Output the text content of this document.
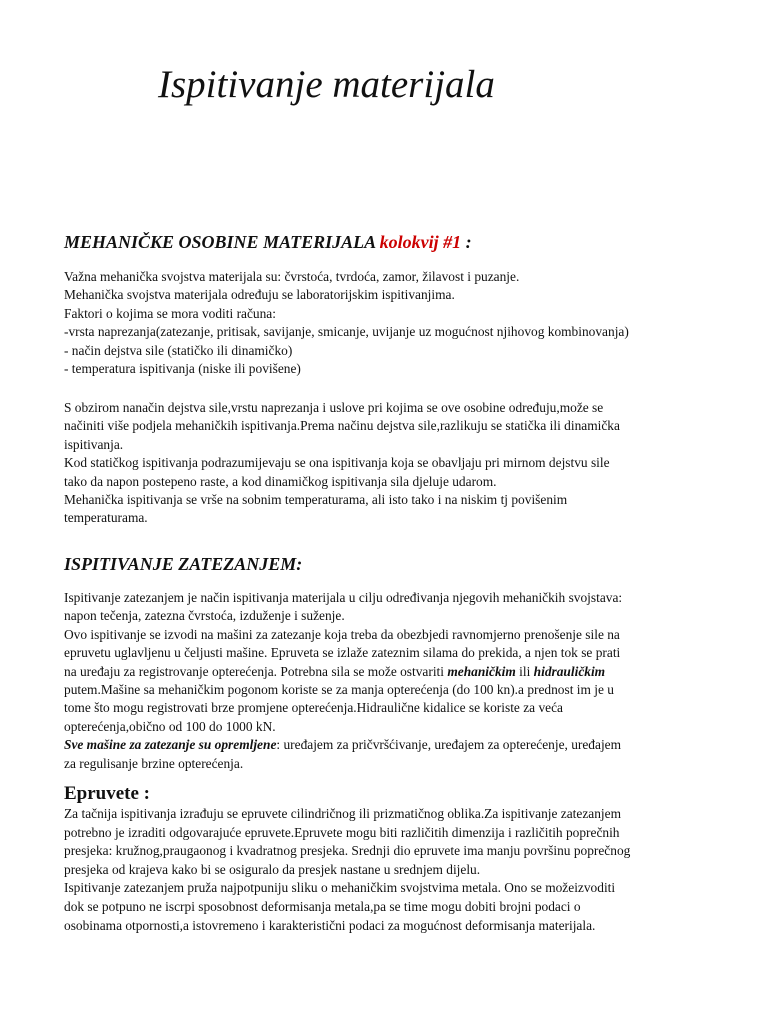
Ispitivanje materijala
MEHANIČKE OSOBINE MATERIJALA kolokvij #1 :
Važna mehanička svojstva materijala su: čvrstoća, tvrdoća, zamor, žilavost i puzanje.
Mehanička svojstva materijala određuju se laboratorijskim ispitivanjima.
Faktori o kojima se mora voditi računa:
-vrsta naprezanja(zatezanje, pritisak, savijanje, smicanje, uvijanje uz mogućnost njihovog kombinovanja)
- način dejstva sile (statičko ili dinamičko)
- temperatura ispitivanja (niske ili povišene)
S obzirom nanačin dejstva sile,vrstu naprezanja i uslove pri kojima se ove osobine određuju,može se
načiniti više podjela mehaničkih ispitivanja.Prema načinu dejstva sile,razlikuju se statička ili dinamička
ispitivanja.
Kod statičkog ispitivanja podrazumijevaju se ona ispitivanja koja se obavljaju pri mirnom dejstvu sile
tako da napon postepeno raste, a kod dinamičkog ispitivanja sila djeluje udarom.
Mehanička ispitivanja se vrše na sobnim temperaturama, ali isto tako i na niskim tj povišenim
temperaturama.
ISPITIVANJE ZATEZANJEM:
Ispitivanje zatezanjem je način ispitivanja materijala u cilju određivanja njegovih mehaničkih svojstava:
napon tečenja, zatezna čvrstoća, izduženje i suženje.
Ovo ispitivanje se izvodi na mašini za zatezanje koja treba da obezbjedi ravnomjerno prenošenje sile na
epruvetu uglavljenu u čeljusti mašine. Epruveta se izlaže zateznim silama do prekida, a njen tok se prati
na uređaju za registrovanje opterećenja. Potrebna sila se može ostvariti mehaničkim ili hidrauličkim
putem.Mašine sa mehaničkim pogonom koriste se za manja opterećenja (do 100 kn).a prednost im je u
tome što mogu registrovati brze promjene opterećenja.Hidraulične kidalice se koriste za veća
opterećenja,obično od 100 do 1000 kN.
Sve mašine za zatezanje su opremljene: uređajem za pričvršćivanje, uređajem za opterećenje, uređajem
za regulisanje brzine opterećenja.
Epruvete :
Za tačnija ispitivanja izrađuju se epruvete cilindričnog ili prizmatičnog oblika.Za ispitivanje zatezanjem
potrebno je izraditi odgovarajuće epruvete.Epruvete mogu biti različitih dimenzija i različitih poprečnih
presjeka: kružnog,praugaonog i kvadratnog presjeka. Srednji dio epruvete ima manju površinu poprečnog
presjeka od krajeva kako bi se osiguralo da presjek nastane u srednjem dijelu.
Ispitivanje zatezanjem pruža najpotpuniju sliku o mehaničkim svojstvima metala. Ono se možeizvoditi
dok se potpuno ne iscrpi sposobnost deformisanja metala,pa se time mogu dobiti brojni podaci o
osobinama otpornosti,a istovremeno i karakteristični podaci za mogućnost deformisanja materijala.
